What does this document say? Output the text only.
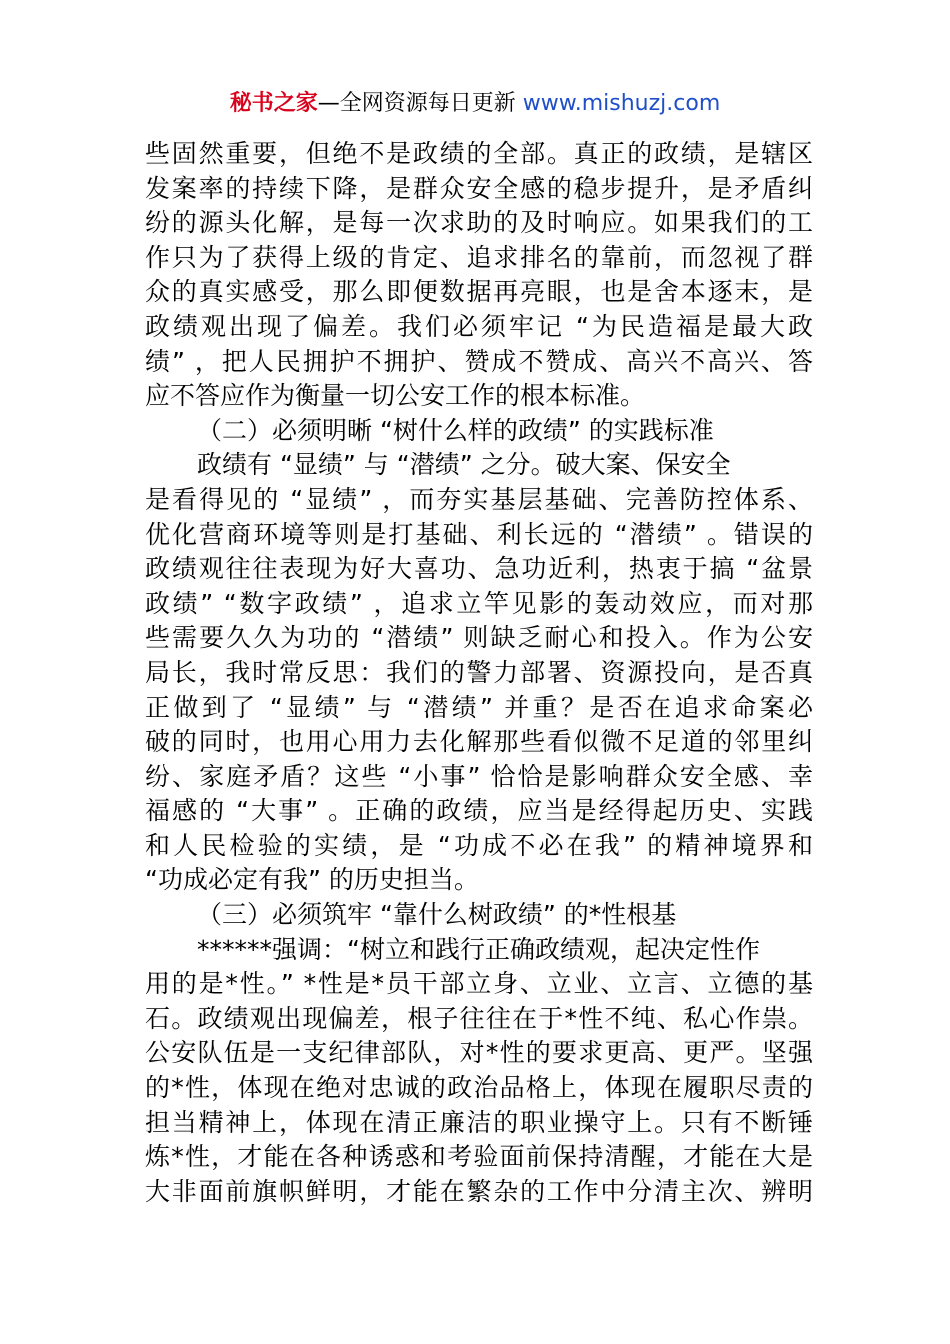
秘书之家—全网资源每日更新 www.mishuzj.com
些固然重要，但绝不是政绩的全部。真正的政绩，是辖区
发案率的持续下降，是群众安全感的稳步提升，是矛盾纠
纷的源头化解，是每一次求助的及时响应。如果我们的工
作只为了获得上级的肯定、追求排名的靠前，而忽视了群
众的真实感受，那么即便数据再亮眼，也是舍本逐末，是
政绩观出现了偏差。我们必须牢记 “为民造福是最大政
绩” ，把人民拥护不拥护、赞成不赞成、高兴不高兴、答
应不答应作为衡量一切公安工作的根本标准。
（二）必须明晰 “树什么样的政绩” 的实践标准
政绩有 “显绩” 与 “潜绩” 之分。破大案、保安全
是看得见的 “显绩” ，而夯实基层基础、完善防控体系、
优化营商环境等则是打基础、利长远的 “潜绩” 。错误的
政绩观往往表现为好大喜功、急功近利，热衷于搞 “盆景
政绩” “数字政绩” ，追求立竿见影的轰动效应，而对那
些需要久久为功的 “潜绩” 则缺乏耐心和投入。作为公安
局长，我时常反思：我们的警力部署、资源投向，是否真
正做到了 “显绩” 与 “潜绩” 并重？是否在追求命案必
破的同时，也用心用力去化解那些看似微不足道的邻里纠
纷、家庭矛盾？这些 “小事” 恰恰是影响群众安全感、幸
福感的 “大事” 。正确的政绩，应当是经得起历史、实践
和人民检验的实绩，是 “功成不必在我” 的精神境界和
“功成必定有我” 的历史担当。
（三）必须筑牢 “靠什么树政绩” 的*性根基
******强调：“树立和践行正确政绩观，起决定性作
用的是*性。” *性是*员干部立身、立业、立言、立德的基
石。政绩观出现偏差，根子往往在于*性不纯、私心作祟。
公安队伍是一支纪律部队，对*性的要求更高、更严。坚强
的*性，体现在绝对忠诚的政治品格上，体现在履职尽责的
担当精神上，体现在清正廉洁的职业操守上。只有不断锤
炼*性，才能在各种诱惑和考验面前保持清醒，才能在大是
大非面前旗帜鲜明，才能在繁杂的工作中分清主次、辨明
